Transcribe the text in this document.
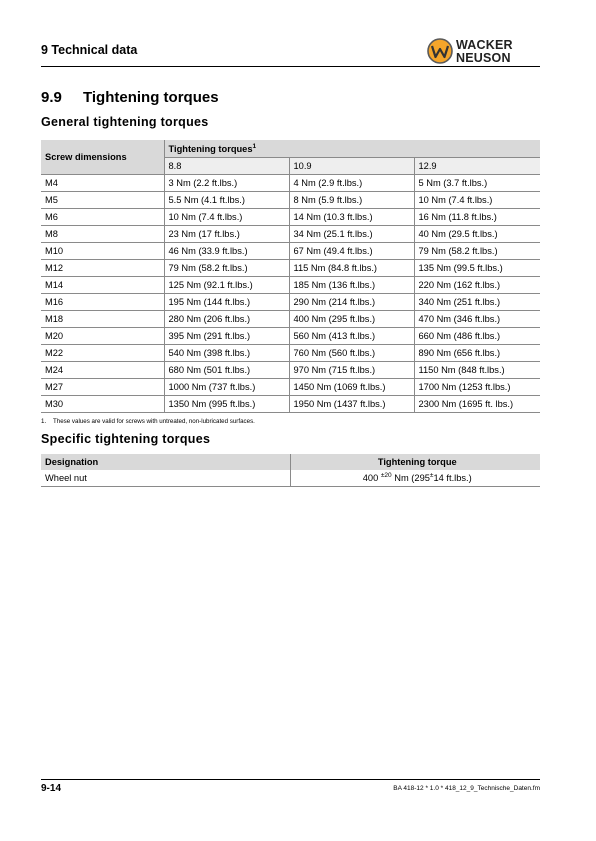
9 Technical data	WACKER
NEUSON
9.9 Tightening torques
General tightening torques
Screw dimensions	Tightening torques$^1$
	8.8	10.9	12.9
M4	3 Nm (2.2 ft.lbs.)	4 Nm (2.9 ft.lbs.)	5 Nm (3.7 ft.lbs.)
M5	5.5 Nm (4.1 ft.lbs.)	8 Nm (5.9 ft.lbs.)	10 Nm (7.4 ft.lbs.)
M6	10 Nm (7.4 ft.lbs.)	14 Nm (10.3 ft.lbs.)	16 Nm (11.8 ft.lbs.)
M8	23 Nm (17 ft.lbs.)	34 Nm (25.1 ft.lbs.)	40 Nm (29.5 ft.lbs.)
M10	46 Nm (33.9 ft.lbs.)	67 Nm (49.4 ft.lbs.)	79 Nm (58.2 ft.lbs.)
M12	79 Nm (58.2 ft.lbs.)	115 Nm (84.8 ft.lbs.)	135 Nm (99.5 ft.lbs.)
M14	125 Nm (92.1 ft.lbs.)	185 Nm (136 ft.lbs.)	220 Nm (162 ft.lbs.)
M16	195 Nm (144 ft.lbs.)	290 Nm (214 ft.lbs.)	340 Nm (251 ft.lbs.)
M18	280 Nm (206 ft.lbs.)	400 Nm (295 ft.lbs.)	470 Nm (346 ft.lbs.)
M20	395 Nm (291 ft.lbs.)	560 Nm (413 ft.lbs.)	660 Nm (486 ft.lbs.)
M22	540 Nm (398 ft.lbs.)	760 Nm (560 ft.lbs.)	890 Nm (656 ft.lbs.)
M24	680 Nm (501 ft.lbs.)	970 Nm (715 ft.lbs.)	1150 Nm (848 ft.lbs.)
M27	1000 Nm (737 ft.lbs.)	1450 Nm (1069 ft.lbs.)	1700 Nm (1253 ft.lbs.)
M30	1350 Nm (995 ft.lbs.)	1950 Nm (1437 ft.lbs.)	2300 Nm (1695 ft. lbs.)
1. These values are valid for screws with untreated, non-lubricated surfaces.
Specific tightening torques
Designation	Tightening torque
Wheel nut	400 $^{\pm 20}$ Nm (295±14 ft.lbs.)
9-14	BA 418-12 * 1.0 * 418_12_9_Technische_Daten.fm
